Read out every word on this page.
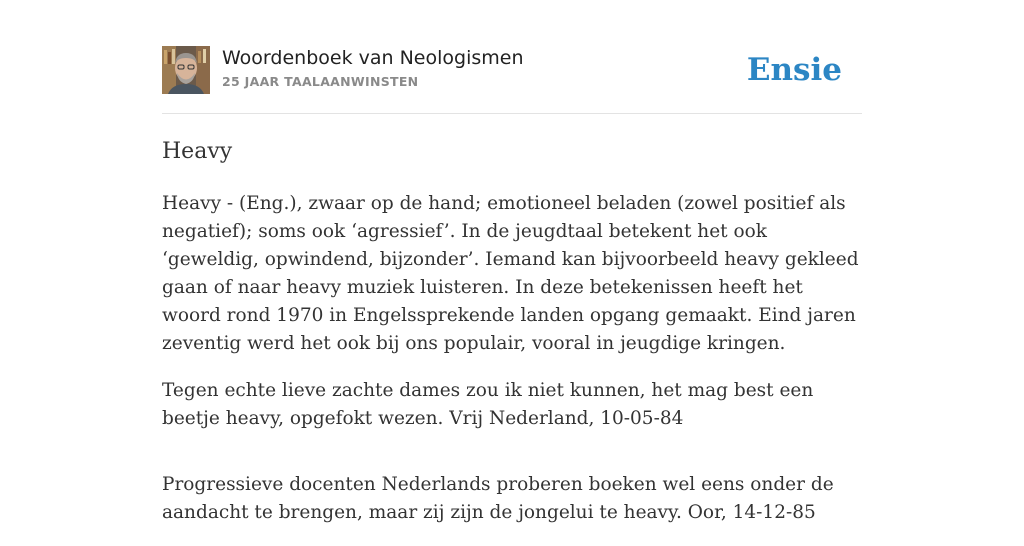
Woordenboek van Neologismen
25 JAAR TAALAANWINSTEN	Ensie
Heavy

Heavy - (Eng.), zwaar op de hand; emotioneel beladen (zowel positief als negatief); soms ook ‘agressief’. In de jeugdtaal betekent het ook ‘geweldig, opwindend, bijzonder’. Iemand kan bijvoorbeeld heavy gekleed gaan of naar heavy muziek luisteren. In deze betekenissen heeft het woord rond 1970 in Engelssprekende landen opgang gemaakt. Eind jaren zeventig werd het ook bij ons populair, vooral in jeugdige kringen.

Tegen echte lieve zachte dames zou ik niet kunnen, het mag best een beetje heavy, opgefokt wezen. Vrij Nederland, 10-05-84

Progressieve docenten Nederlands proberen boeken wel eens onder de aandacht te brengen, maar zij zijn de jongelui te heavy. Oor, 14-12-85
